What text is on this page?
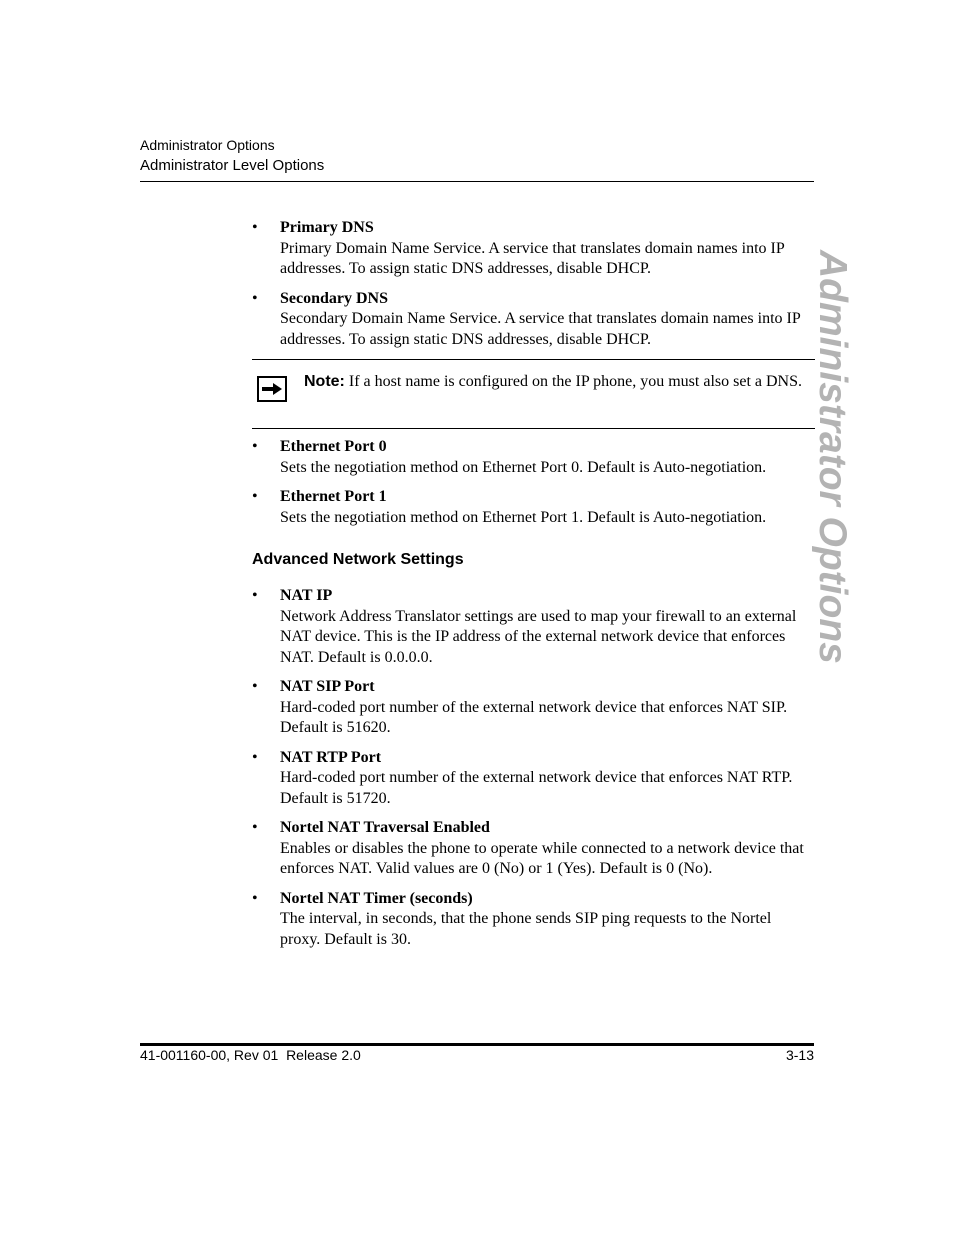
Administrator Options
Administrator Level Options
Administrator Options
• Primary DNS
Primary Domain Name Service. A service that translates domain names into IP addresses. To assign static DNS addresses, disable DHCP.
• Secondary DNS
Secondary Domain Name Service. A service that translates domain names into IP addresses. To assign static DNS addresses, disable DHCP.
Note: If a host name is configured on the IP phone, you must also set a DNS.
• Ethernet Port 0
Sets the negotiation method on Ethernet Port 0. Default is Auto-negotiation.
• Ethernet Port 1
Sets the negotiation method on Ethernet Port 1. Default is Auto-negotiation.
Advanced Network Settings
• NAT IP
Network Address Translator settings are used to map your firewall to an external NAT device. This is the IP address of the external network device that enforces NAT. Default is 0.0.0.0.
• NAT SIP Port
Hard-coded port number of the external network device that enforces NAT SIP. Default is 51620.
• NAT RTP Port
Hard-coded port number of the external network device that enforces NAT RTP. Default is 51720.
• Nortel NAT Traversal Enabled
Enables or disables the phone to operate while connected to a network device that enforces NAT. Valid values are 0 (No) or 1 (Yes). Default is 0 (No).
• Nortel NAT Timer (seconds)
The interval, in seconds, that the phone sends SIP ping requests to the Nortel proxy. Default is 30.
41-001160-00, Rev 01  Release 2.0	3-13
